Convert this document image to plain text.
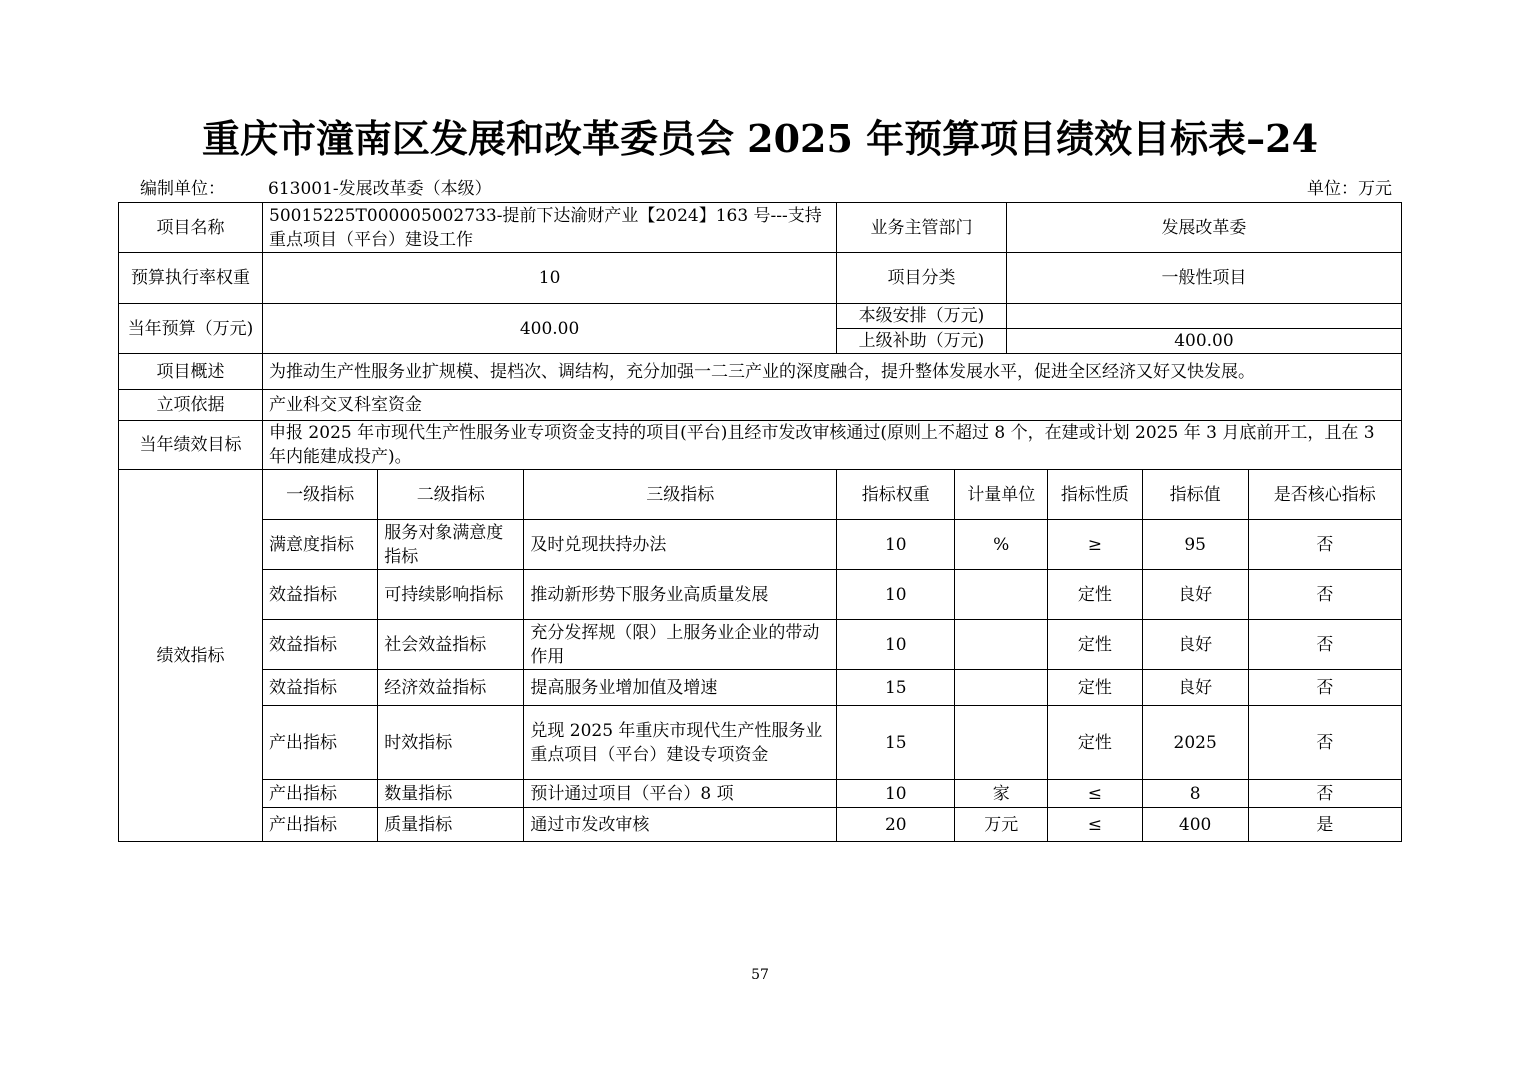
重庆市潼南区发展和改革委员会 2025 年预算项目绩效目标表–24
编制单位：	613001-发展改革委（本级）	单位：万元
项目名称	50015225T000005002733-提前下达渝财产业【2024】163 号---支持重点项目（平台）建设工作			业务主管部门		发展改革委			
预算执行率权重	10			项目分类		一般性项目			
当年预算（万元)	400.00			本级安排（万元)					
				上级补助（万元)		400.00			
项目概述	为推动生产性服务业扩规模、提档次、调结构，充分加强一二三产业的深度融合，提升整体发展水平，促进全区经济又好又快发展。								
立项依据	产业科交叉科室资金								
当年绩效目标	申报 2025 年市现代生产性服务业专项资金支持的项目(平台)且经市发改审核通过(原则上不超过 8 个，在建或计划 2025 年 3 月底前开工，且在 3 年内能建成投产)。								
绩效指标	一级指标	二级指标	三级指标	指标权重	计量单位		指标性质	指标值	是否核心指标
	满意度指标	服务对象满意度指标	及时兑现扶持办法	10	%		≥	95	否
	效益指标	可持续影响指标	推动新形势下服务业高质量发展	10			定性	良好	否
	效益指标	社会效益指标	充分发挥规（限）上服务业企业的带动作用	10			定性	良好	否
	效益指标	经济效益指标	提高服务业增加值及增速	15			定性	良好	否
	产出指标	时效指标	兑现 2025 年重庆市现代生产性服务业重点项目（平台）建设专项资金	15			定性	2025	否
	产出指标	数量指标	预计通过项目（平台）8 项	10	家		≤	8	否
	产出指标	质量指标	通过市发改审核	20	万元		≤	400	是
57
